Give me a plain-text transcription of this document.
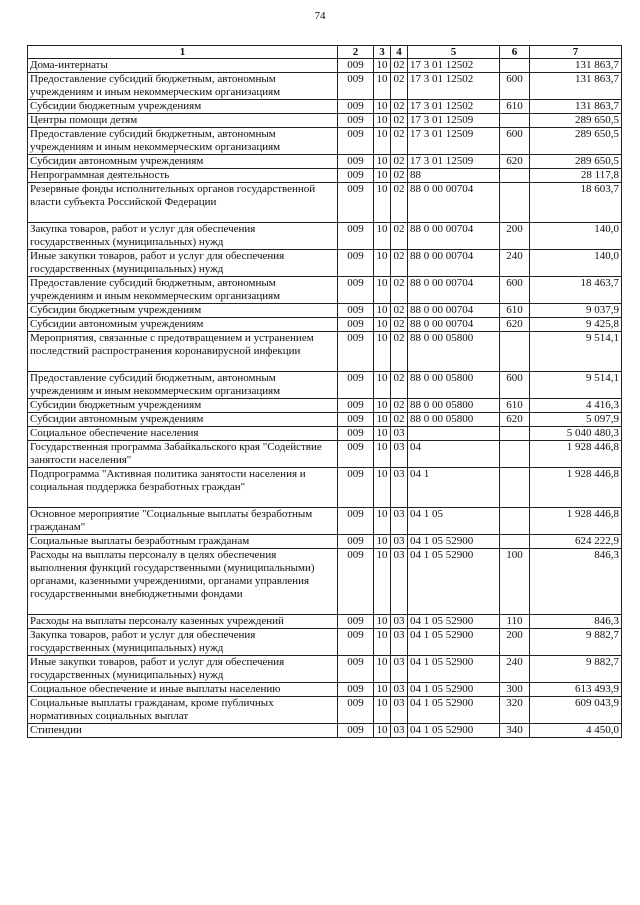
74
1	2	3	4	5	6	7
Дома-интернаты	009	10	02	17 3 01 12502		131 863,7
Предоставление субсидий бюджетным, автономным учреждениям и иным некоммерческим организациям	009	10	02	17 3 01 12502	600	131 863,7
Субсидии бюджетным учреждениям	009	10	02	17 3 01 12502	610	131 863,7
Центры помощи детям	009	10	02	17 3 01 12509		289 650,5
Предоставление субсидий бюджетным, автономным учреждениям и иным некоммерческим организациям	009	10	02	17 3 01 12509	600	289 650,5
Субсидии автономным учреждениям	009	10	02	17 3 01 12509	620	289 650,5
Непрограммная деятельность	009	10	02	88		28 117,8
Резервные фонды исполнительных органов государственной власти субъекта Российской Федерации	009	10	02	88 0 00 00704		18 603,7
Закупка товаров, работ и услуг для обеспечения государственных (муниципальных) нужд	009	10	02	88 0 00 00704	200	140,0
Иные закупки товаров, работ и услуг для обеспечения государственных (муниципальных) нужд	009	10	02	88 0 00 00704	240	140,0
Предоставление субсидий бюджетным, автономным учреждениям и иным некоммерческим организациям	009	10	02	88 0 00 00704	600	18 463,7
Субсидии бюджетным учреждениям	009	10	02	88 0 00 00704	610	9 037,9
Субсидии автономным учреждениям	009	10	02	88 0 00 00704	620	9 425,8
Мероприятия, связанные с предотвращением и устранением последствий распространения коронавирусной инфекции	009	10	02	88 0 00 05800		9 514,1
Предоставление субсидий бюджетным, автономным учреждениям и иным некоммерческим организациям	009	10	02	88 0 00 05800	600	9 514,1
Субсидии бюджетным учреждениям	009	10	02	88 0 00 05800	610	4 416,3
Субсидии автономным учреждениям	009	10	02	88 0 00 05800	620	5 097,9
Социальное обеспечение населения	009	10	03			5 040 480,3
Государственная программа Забайкальского края "Содействие занятости населения"	009	10	03	04		1 928 446,8
Подпрограмма "Активная политика занятости населения и социальная поддержка безработных граждан"	009	10	03	04 1		1 928 446,8
Основное мероприятие "Социальные выплаты безработным гражданам"	009	10	03	04 1 05		1 928 446,8
Социальные выплаты безработным гражданам	009	10	03	04 1 05 52900		624 222,9
Расходы на выплаты персоналу в целях обеспечения выполнения функций государственными (муниципальными) органами, казенными учреждениями, органами управления государственными внебюджетными фондами	009	10	03	04 1 05 52900	100	846,3
Расходы на выплаты персоналу казенных учреждений	009	10	03	04 1 05 52900	110	846,3
Закупка товаров, работ и услуг для обеспечения государственных (муниципальных) нужд	009	10	03	04 1 05 52900	200	9 882,7
Иные закупки товаров, работ и услуг для обеспечения государственных (муниципальных) нужд	009	10	03	04 1 05 52900	240	9 882,7
Социальное обеспечение и иные выплаты населению	009	10	03	04 1 05 52900	300	613 493,9
Социальные выплаты гражданам, кроме публичных нормативных социальных выплат	009	10	03	04 1 05 52900	320	609 043,9
Стипендии	009	10	03	04 1 05 52900	340	4 450,0
